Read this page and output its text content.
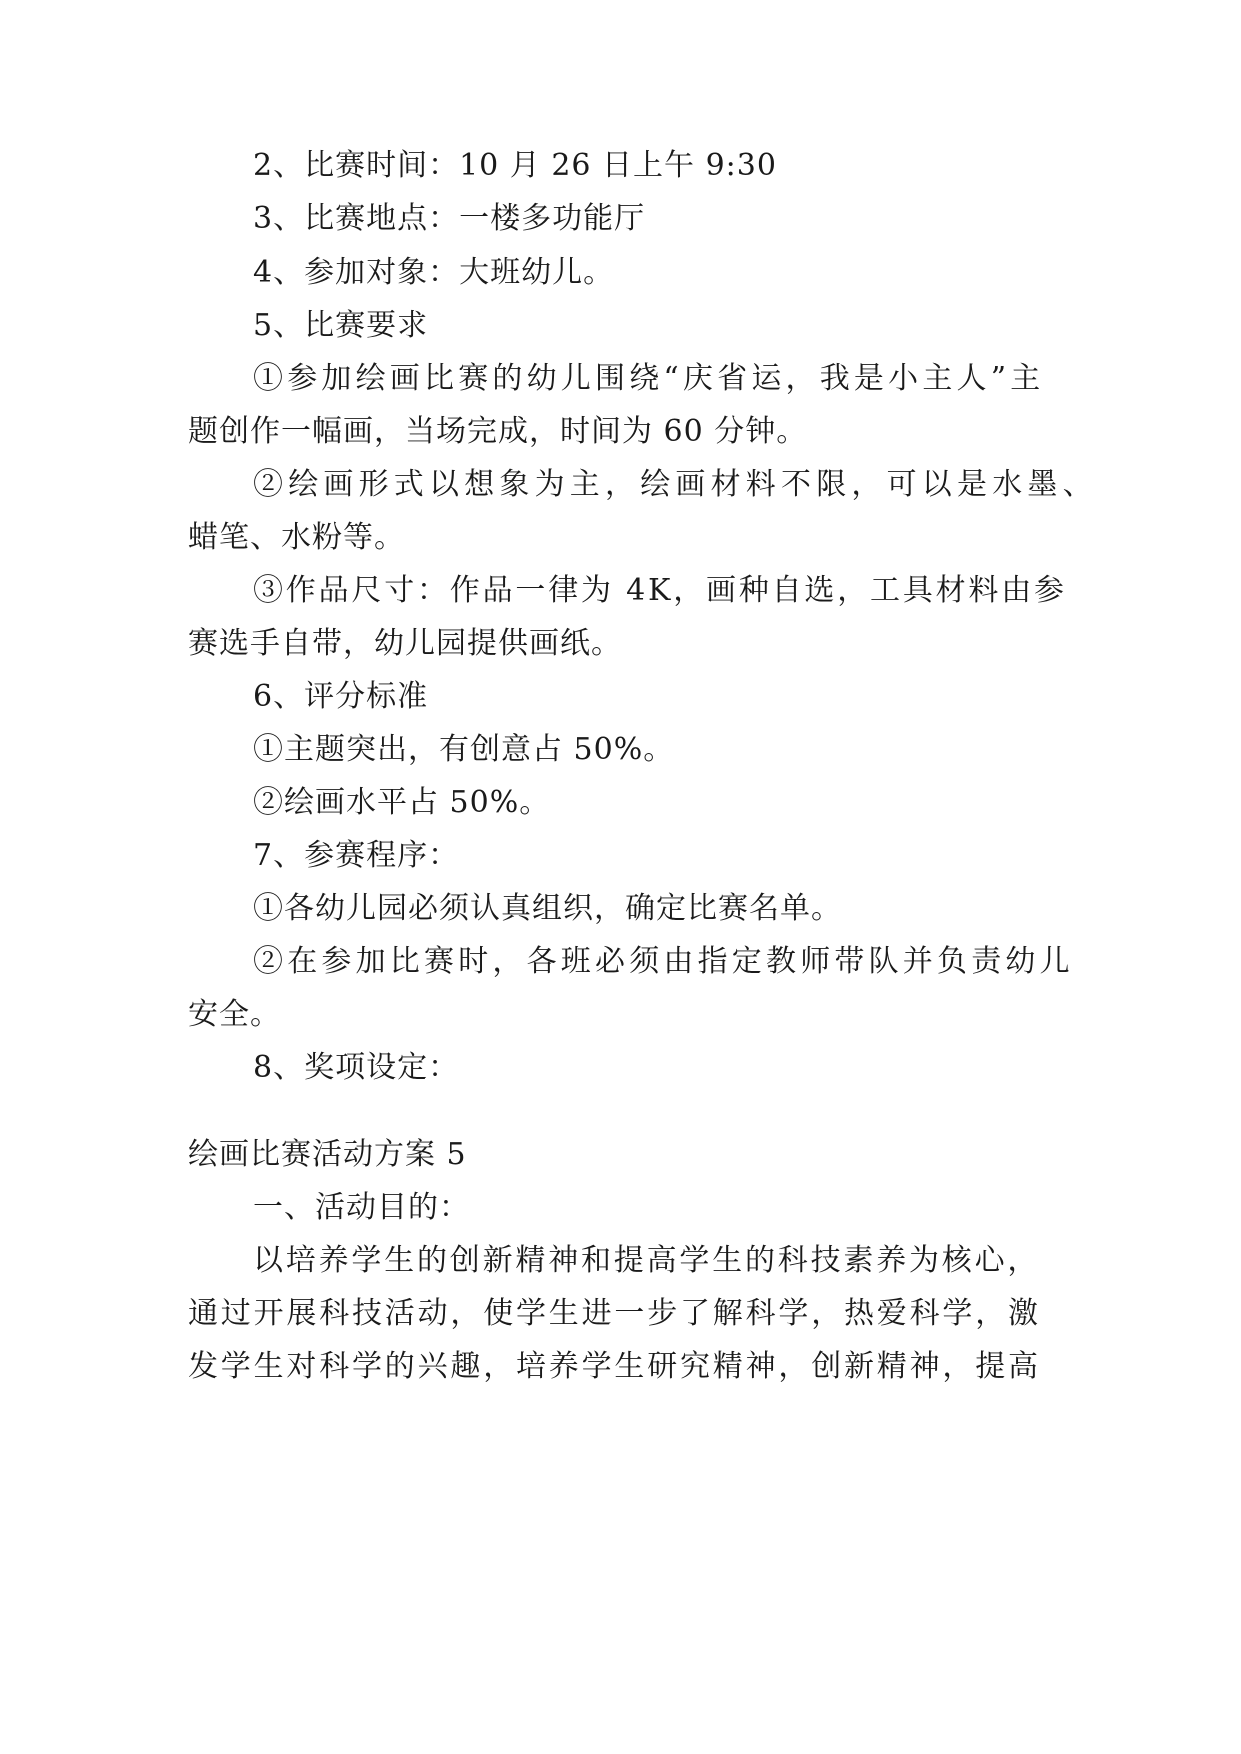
2、比赛时间：10 月 26 日上午 9:30

3、比赛地点：一楼多功能厅

4、参加对象：大班幼儿。

5、比赛要求

①参加绘画比赛的幼儿围绕“庆省运，我是小主人”主

题创作一幅画，当场完成，时间为 60 分钟。

②绘画形式以想象为主，绘画材料不限，可以是水墨、

蜡笔、水粉等。

③作品尺寸：作品一律为 4K，画种自选，工具材料由参

赛选手自带，幼儿园提供画纸。

6、评分标准

①主题突出，有创意占 50%。

②绘画水平占 50%。

7、参赛程序：

①各幼儿园必须认真组织，确定比赛名单。

②在参加比赛时，各班必须由指定教师带队并负责幼儿

安全。

8、奖项设定：

绘画比赛活动方案 5

一、活动目的：

以培养学生的创新精神和提高学生的科技素养为核心，

通过开展科技活动，使学生进一步了解科学，热爱科学，激

发学生对科学的兴趣，培养学生研究精神，创新精神，提高
